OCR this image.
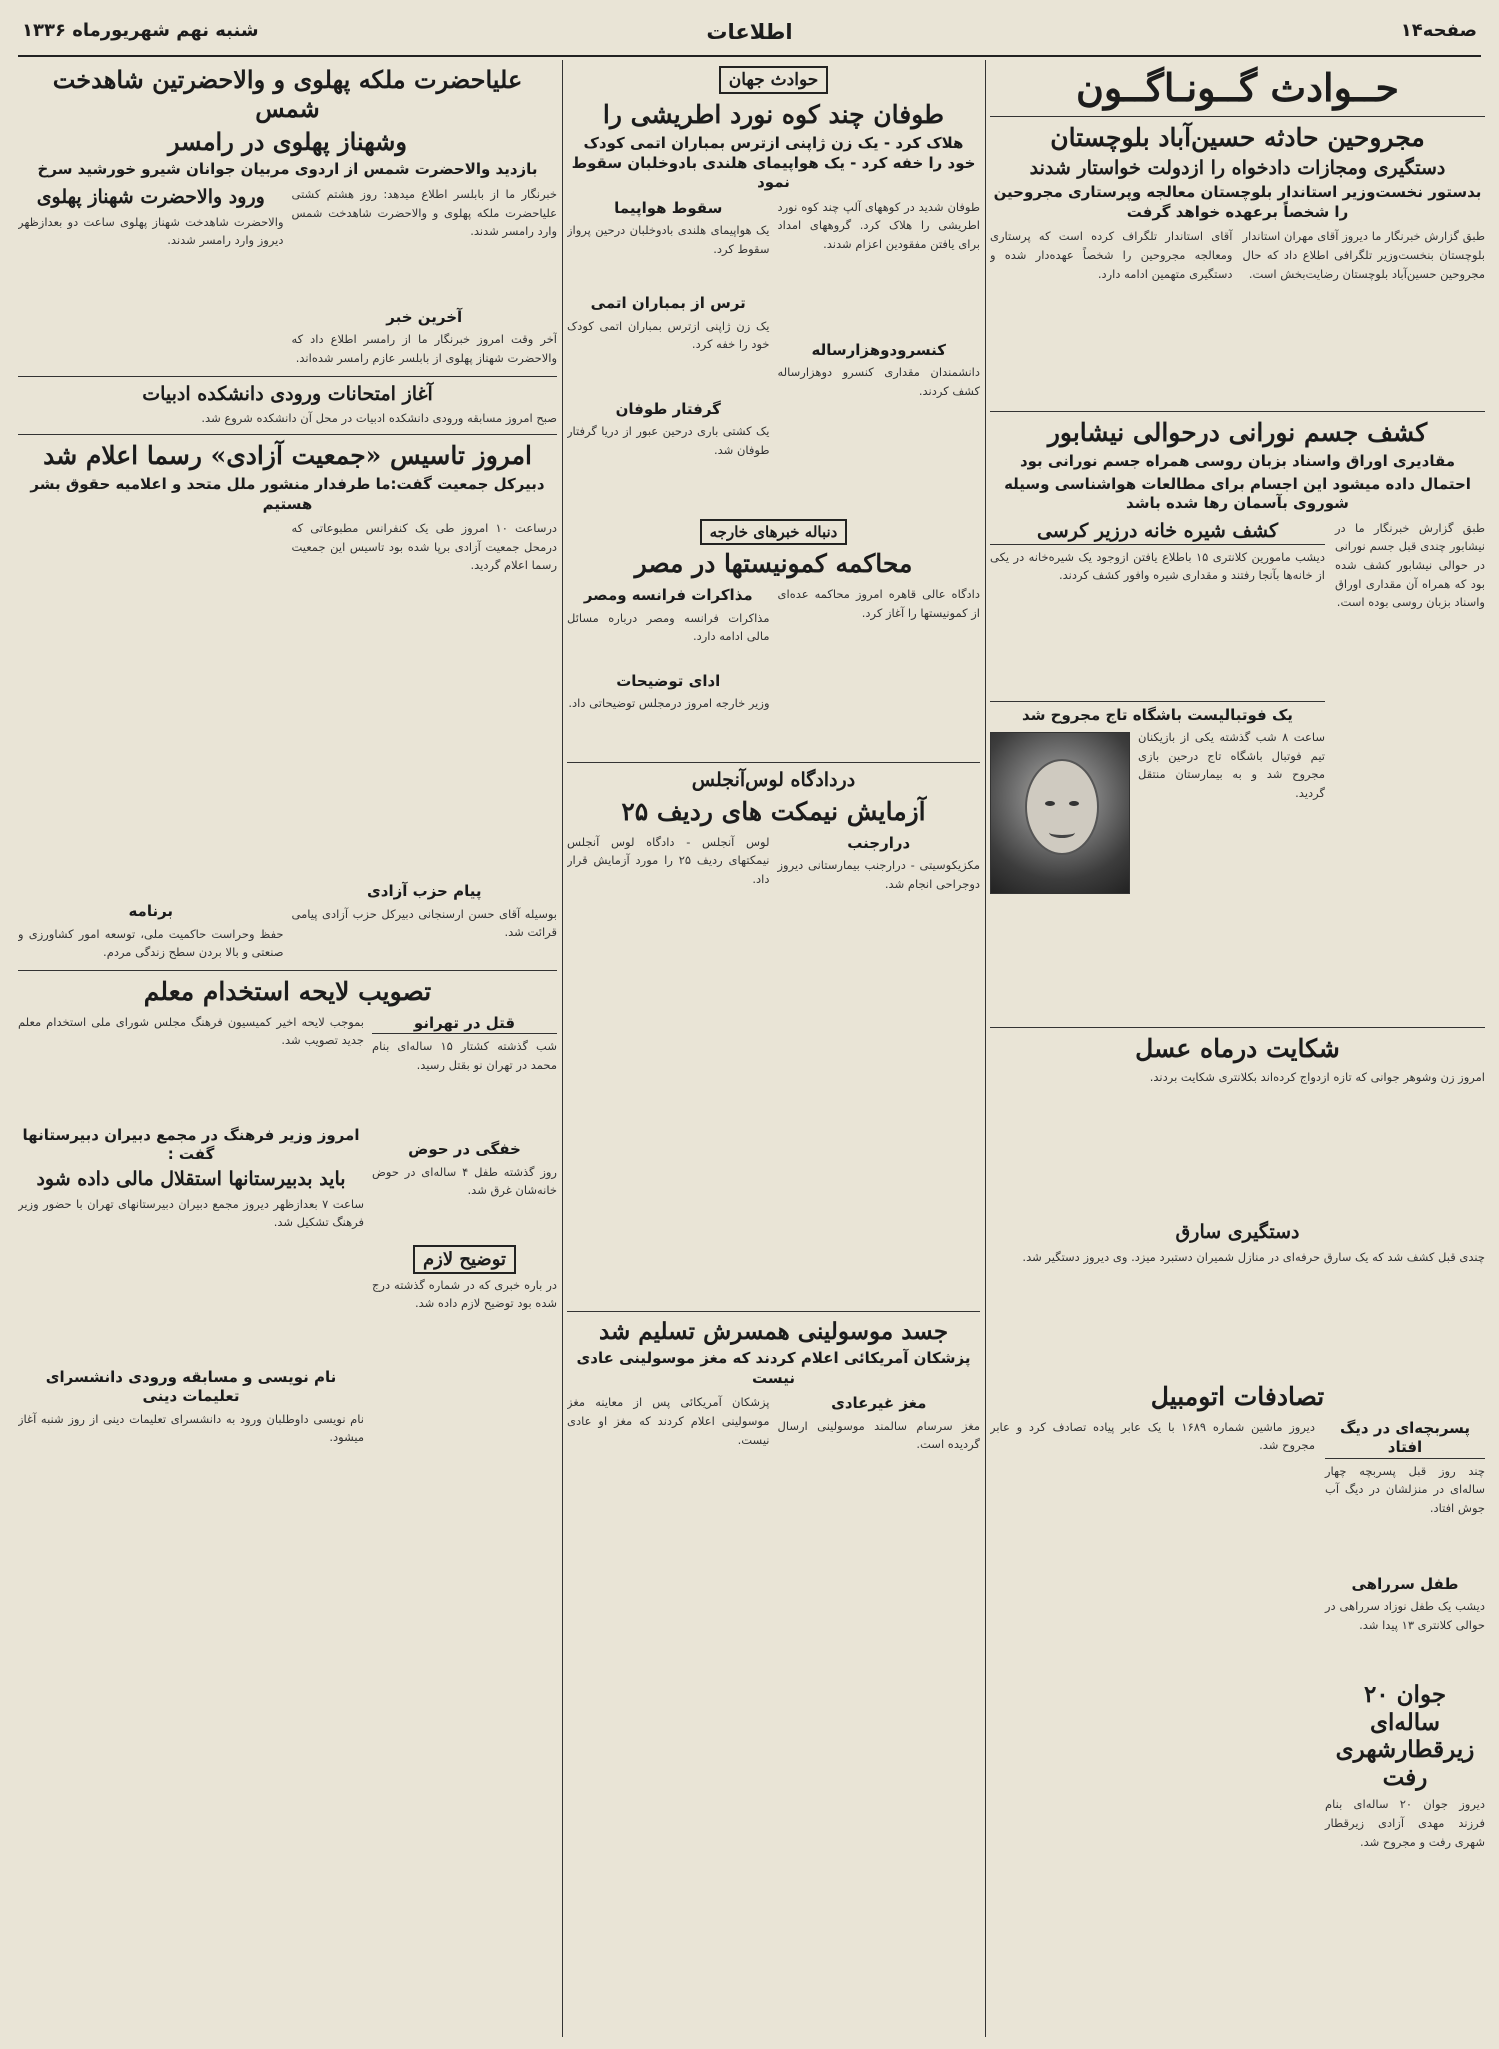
صفحه۱۴
اطلاعات
شنبه نهم شهریورماه ۱۳۳۶
حــوادث گــونـاگــون
مجروحین حادثه حسین‌آباد بلوچستان
دستگیری ومجازات دادخواه را ازدولت خواستار شدند
بدستور نخست‌وزیر استاندار بلوچستان معالجه وپرستاری مجروحین را شخصاً برعهده خواهد گرفت
طبق گزارش خبرنگار ما دیروز آقای مهران استاندار بلوچستان بنخست‌وزیر تلگرافی اطلاع داد که حال مجروحین حسین‌آباد بلوچستان رضایت‌بخش است.
آقای استاندار تلگراف کرده است که پرستاری ومعالجه مجروحین را شخصاً عهده‌دار شده و دستگیری متهمین ادامه دارد.
کشف جسم نورانی درحوالی نیشابور
مقادیری اوراق واسناد بزبان روسی همراه جسم نورانی بود
احتمال داده میشود این اجسام برای مطالعات هواشناسی وسیله شوروی بآسمان رها شده باشد
طبق گزارش خبرنگار ما در نیشابور چندی قبل جسم نورانی در حوالی نیشابور کشف شده بود که همراه آن مقداری اوراق واسناد بزبان روسی بوده است.
کشف شیره خانه درزیر کرسی
دیشب مامورین کلانتری ۱۵ باطلاع یافتن ازوجود یک شیره‌خانه در یکی از خانه‌ها بآنجا رفتند و مقداری شیره وافور کشف کردند.
یک فوتبالیست باشگاه تاج مجروح شد
ساعت ۸ شب گذشته یکی از بازیکنان تیم فوتبال باشگاه تاج درحین بازی مجروح شد و به بیمارستان منتقل گردید.
شکایت درماه عسل
امروز زن وشوهر جوانی که تازه ازدواج کرده‌اند بکلانتری شکایت بردند.
دستگیری سارق
چندی قبل کشف شد که یک سارق حرفه‌ای در منازل شمیران دستبرد میزد. وی دیروز دستگیر شد.
تصادفات اتومبیل
پسربچه‌ای در دیگ افتاد
چند روز قبل پسربچه چهار ساله‌ای در منزلشان در دیگ آب جوش افتاد.
طفل سرراهی
دیشب یک طفل نوزاد سرراهی در حوالی کلانتری ۱۳ پیدا شد.
جوان ۲۰ ساله‌ای زیرقطارشهری رفت
دیروز جوان ۲۰ ساله‌ای بنام فرزند مهدی آزادی زیرقطار شهری رفت و مجروح شد.
دیروز ماشین شماره ۱۶۸۹ با یک عابر پیاده تصادف کرد و عابر مجروح شد.
حوادث جهان
طوفان چند کوه نورد اطریشی را
هلاک کرد - یک زن ژاپنی ازترس بمباران اتمی کودک خود را خفه کرد - یک هواپیمای هلندی بادوخلبان سقوط نمود
طوفان شدید در کوههای آلپ چند کوه نورد اطریشی را هلاک کرد. گروههای امداد برای یافتن مفقودین اعزام شدند.
کنسرودوهزارساله
دانشمندان مقداری کنسرو دوهزارساله کشف کردند.
سقوط هواپیما
یک هواپیمای هلندی بادوخلبان درحین پرواز سقوط کرد.
ترس از بمباران اتمی
یک زن ژاپنی ازترس بمباران اتمی کودک خود را خفه کرد.
گرفتار طوفان
یک کشتی باری درحین عبور از دریا گرفتار طوفان شد.
دنباله خبرهای خارجه
محاکمه کمونیستها در مصر
دادگاه عالی قاهره امروز محاکمه عده‌ای از کمونیستها را آغاز کرد.
مذاکرات فرانسه ومصر
مذاکرات فرانسه ومصر درباره مسائل مالی ادامه دارد.
ادای توضیحات
وزیر خارجه امروز درمجلس توضیحاتی داد.
دردادگاه لوس‌آنجلس
آزمایش نیمکت های ردیف ۲۵
درارجنب
مکزیکوسیتی - درارجنب بیمارستانی دیروز دوجراحی انجام شد.
لوس آنجلس - دادگاه لوس آنجلس نیمکتهای ردیف ۲۵ را مورد آزمایش قرار داد.
جسد موسولینی همسرش تسلیم شد
پزشکان آمریکائی اعلام کردند که مغز موسولینی عادی نیست
مغز غیرعادی
مغز سرسام سالمند موسولینی ارسال گردیده است.
پزشکان آمریکائی پس از معاینه مغز موسولینی اعلام کردند که مغز او عادی نیست.
علیاحضرت ملکه پهلوی و والاحضرتین شاهدخت شمس
وشهناز پهلوی در رامسر
بازدید والاحضرت شمس از اردوی مربیان جوانان شیرو خورشید سرخ
خبرنگار ما از بابلسر اطلاع میدهد: روز هشتم کشتی علیاحضرت ملکه پهلوی و والاحضرت شاهدخت شمس وارد رامسر شدند.
آخرین خبر
آخر وقت امروز خبرنگار ما از رامسر اطلاع داد که والاحضرت شهناز پهلوی از بابلسر عازم رامسر شده‌اند.
ورود والاحضرت شهناز پهلوی
والاحضرت شاهدخت شهناز پهلوی ساعت دو بعدازظهر دیروز وارد رامسر شدند.
آغاز امتحانات ورودی دانشکده ادبیات
صبح امروز مسابقه ورودی دانشکده ادبیات در محل آن دانشکده شروع شد.
امروز تاسیس «جمعیت آزادی» رسما اعلام شد
دبیرکل جمعیت گفت:ما طرفدار منشور ملل متحد و اعلامیه حقوق بشر هستیم
درساعت ۱۰ امروز طی یک کنفرانس مطبوعاتی که درمحل جمعیت آزادی برپا شده بود تاسیس این جمعیت رسما اعلام گردید.
پیام حزب آزادی
بوسیله آقای حسن ارسنجانی دبیرکل حزب آزادی پیامی قرائت شد.
برنامه
حفظ وحراست حاکمیت ملی، توسعه امور کشاورزی و صنعتی و بالا بردن سطح زندگی مردم.
تصویب لایحه استخدام معلم
قتل در تهرانو
شب گذشته کشتار ۱۵ ساله‌ای بنام محمد در تهران نو بقتل رسید.
خفگی در حوض
روز گذشته طفل ۴ ساله‌ای در حوض خانه‌شان غرق شد.
توضیح لازم
در باره خبری که در شماره گذشته درج شده بود توضیح لازم داده شد.
بموجب لایحه اخیر کمیسیون فرهنگ مجلس شورای ملی استخدام معلم جدید تصویب شد.
امروز وزیر فرهنگ در مجمع دبیران دبیرستانها گفت :
باید بدبیرستانها استقلال مالی داده شود
ساعت ۷ بعدازظهر دیروز مجمع دبیران دبیرستانهای تهران با حضور وزیر فرهنگ تشکیل شد.
نام نویسی و مسابقه ورودی دانشسرای تعلیمات دینی
نام نویسی داوطلبان ورود به دانشسرای تعلیمات دینی از روز شنبه آغاز میشود.
